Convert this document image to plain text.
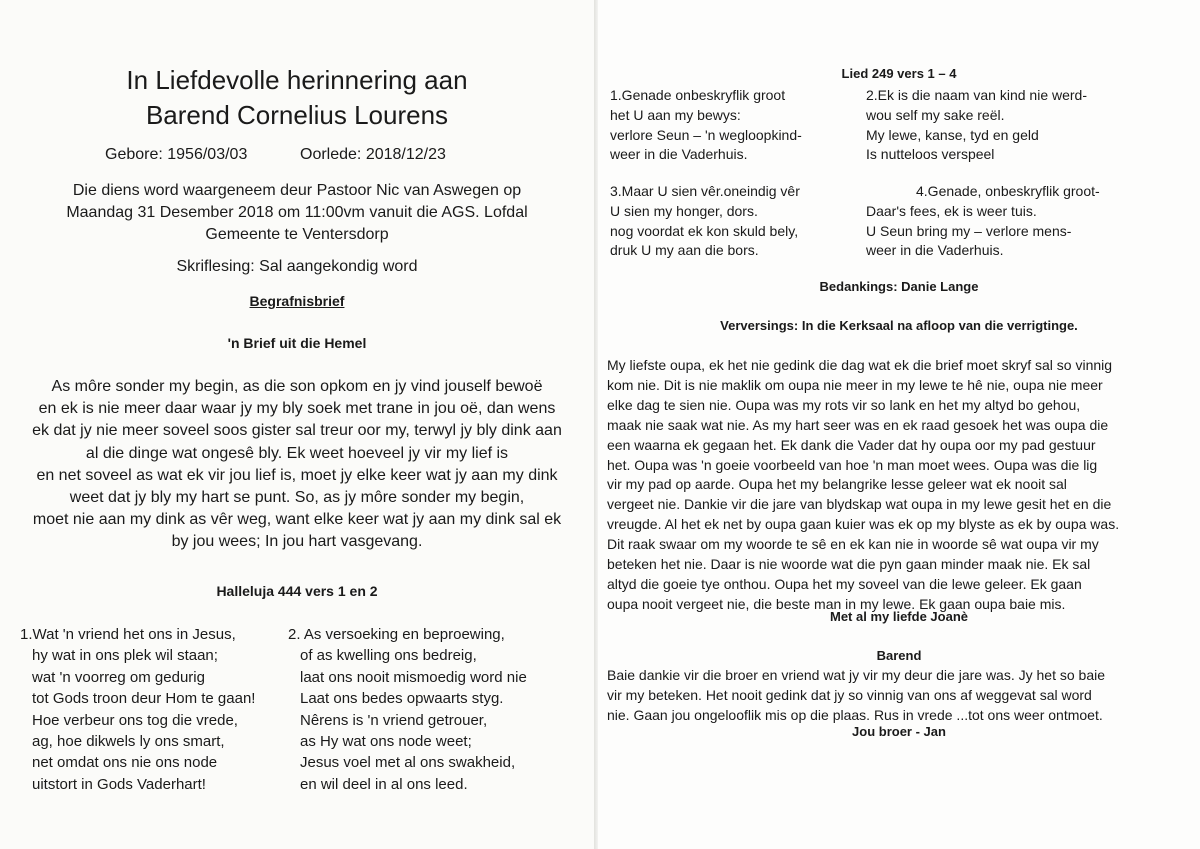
In Liefdevolle herinnering aan
Barend Cornelius Lourens
Gebore: 1956/03/03	Oorlede: 2018/12/23
Die diens word waargeneem deur Pastoor Nic van Aswegen op
Maandag 31 Desember 2018 om 11:00vm vanuit die AGS. Lofdal
Gemeente te Ventersdorp
Skriflesing: Sal aangekondig word
Begrafnisbrief
'n Brief uit die Hemel
As môre sonder my begin, as die son opkom en jy vind jouself bewoë
en ek is nie meer daar waar jy my bly soek met trane in jou oë, dan wens
ek dat jy nie meer soveel soos gister sal treur oor my, terwyl jy bly dink aan
al die dinge wat ongesê bly. Ek weet hoeveel jy vir my lief is
en net soveel as wat ek vir jou lief is, moet jy elke keer wat jy aan my dink
weet dat jy bly my hart se punt. So, as jy môre sonder my begin,
moet nie aan my dink as vêr weg, want elke keer wat jy aan my dink sal ek
by jou wees; In jou hart vasgevang.
Halleluja 444 vers 1 en 2
1.Wat 'n vriend het ons in Jesus,
hy wat in ons plek wil staan;
wat 'n voorreg om gedurig
tot Gods troon deur Hom te gaan!
Hoe verbeur ons tog die vrede,
ag, hoe dikwels ly ons smart,
net omdat ons nie ons node
uitstort in Gods Vaderhart!
2. As versoeking en beproewing,
of as kwelling ons bedreig,
laat ons nooit mismoedig word nie
Laat ons bedes opwaarts styg.
Nêrens is 'n vriend getrouer,
as Hy wat ons node weet;
Jesus voel met al ons swakheid,
en wil deel in al ons leed.
Lied 249 vers 1 – 4
1.Genade onbeskryflik groot
het U aan my bewys:
verlore Seun – 'n wegloopkind-
weer in die Vaderhuis.
2.Ek is die naam van kind nie werd-
wou self my sake reël.
My lewe, kanse, tyd en geld
Is nutteloos verspeel
3.Maar U sien vêr.oneindig vêr
U sien my honger, dors.
nog voordat ek kon skuld bely,
druk U my aan die bors.
4.Genade, onbeskryflik groot-
Daar's fees, ek is weer tuis.
U Seun bring my – verlore mens-
weer in die Vaderhuis.
Bedankings: Danie Lange
Verversings: In die Kerksaal na afloop van die verrigtinge.
My liefste oupa, ek het nie gedink die dag wat ek die brief moet skryf sal so vinnig
kom nie. Dit is nie maklik om oupa nie meer in my lewe te hê nie, oupa nie meer
elke dag te sien nie. Oupa was my rots vir so lank en het my altyd bo gehou,
maak nie saak wat nie. As my hart seer was en ek raad gesoek het was oupa die
een waarna ek gegaan het. Ek dank die Vader dat hy oupa oor my pad gestuur
het. Oupa was 'n goeie voorbeeld van hoe 'n man moet wees. Oupa was die lig
vir my pad op aarde. Oupa het my belangrike lesse geleer wat ek nooit sal
vergeet nie. Dankie vir die jare van blydskap wat oupa in my lewe gesit het en die
vreugde. Al het ek net by oupa gaan kuier was ek op my blyste as ek by oupa was.
Dit raak swaar om my woorde te sê en ek kan nie in woorde sê wat oupa vir my
beteken het nie. Daar is nie woorde wat die pyn gaan minder maak nie. Ek sal
altyd die goeie tye onthou. Oupa het my soveel van die lewe geleer. Ek gaan
oupa nooit vergeet nie, die beste man in my lewe. Ek gaan oupa baie mis.
Met al my liefde Joanè
Barend
Baie dankie vir die broer en vriend wat jy vir my deur die jare was. Jy het so baie
vir my beteken. Het nooit gedink dat jy so vinnig van ons af weggevat sal word
nie. Gaan jou ongelooflik mis op die plaas. Rus in vrede ...tot ons weer ontmoet.
Jou broer - Jan
